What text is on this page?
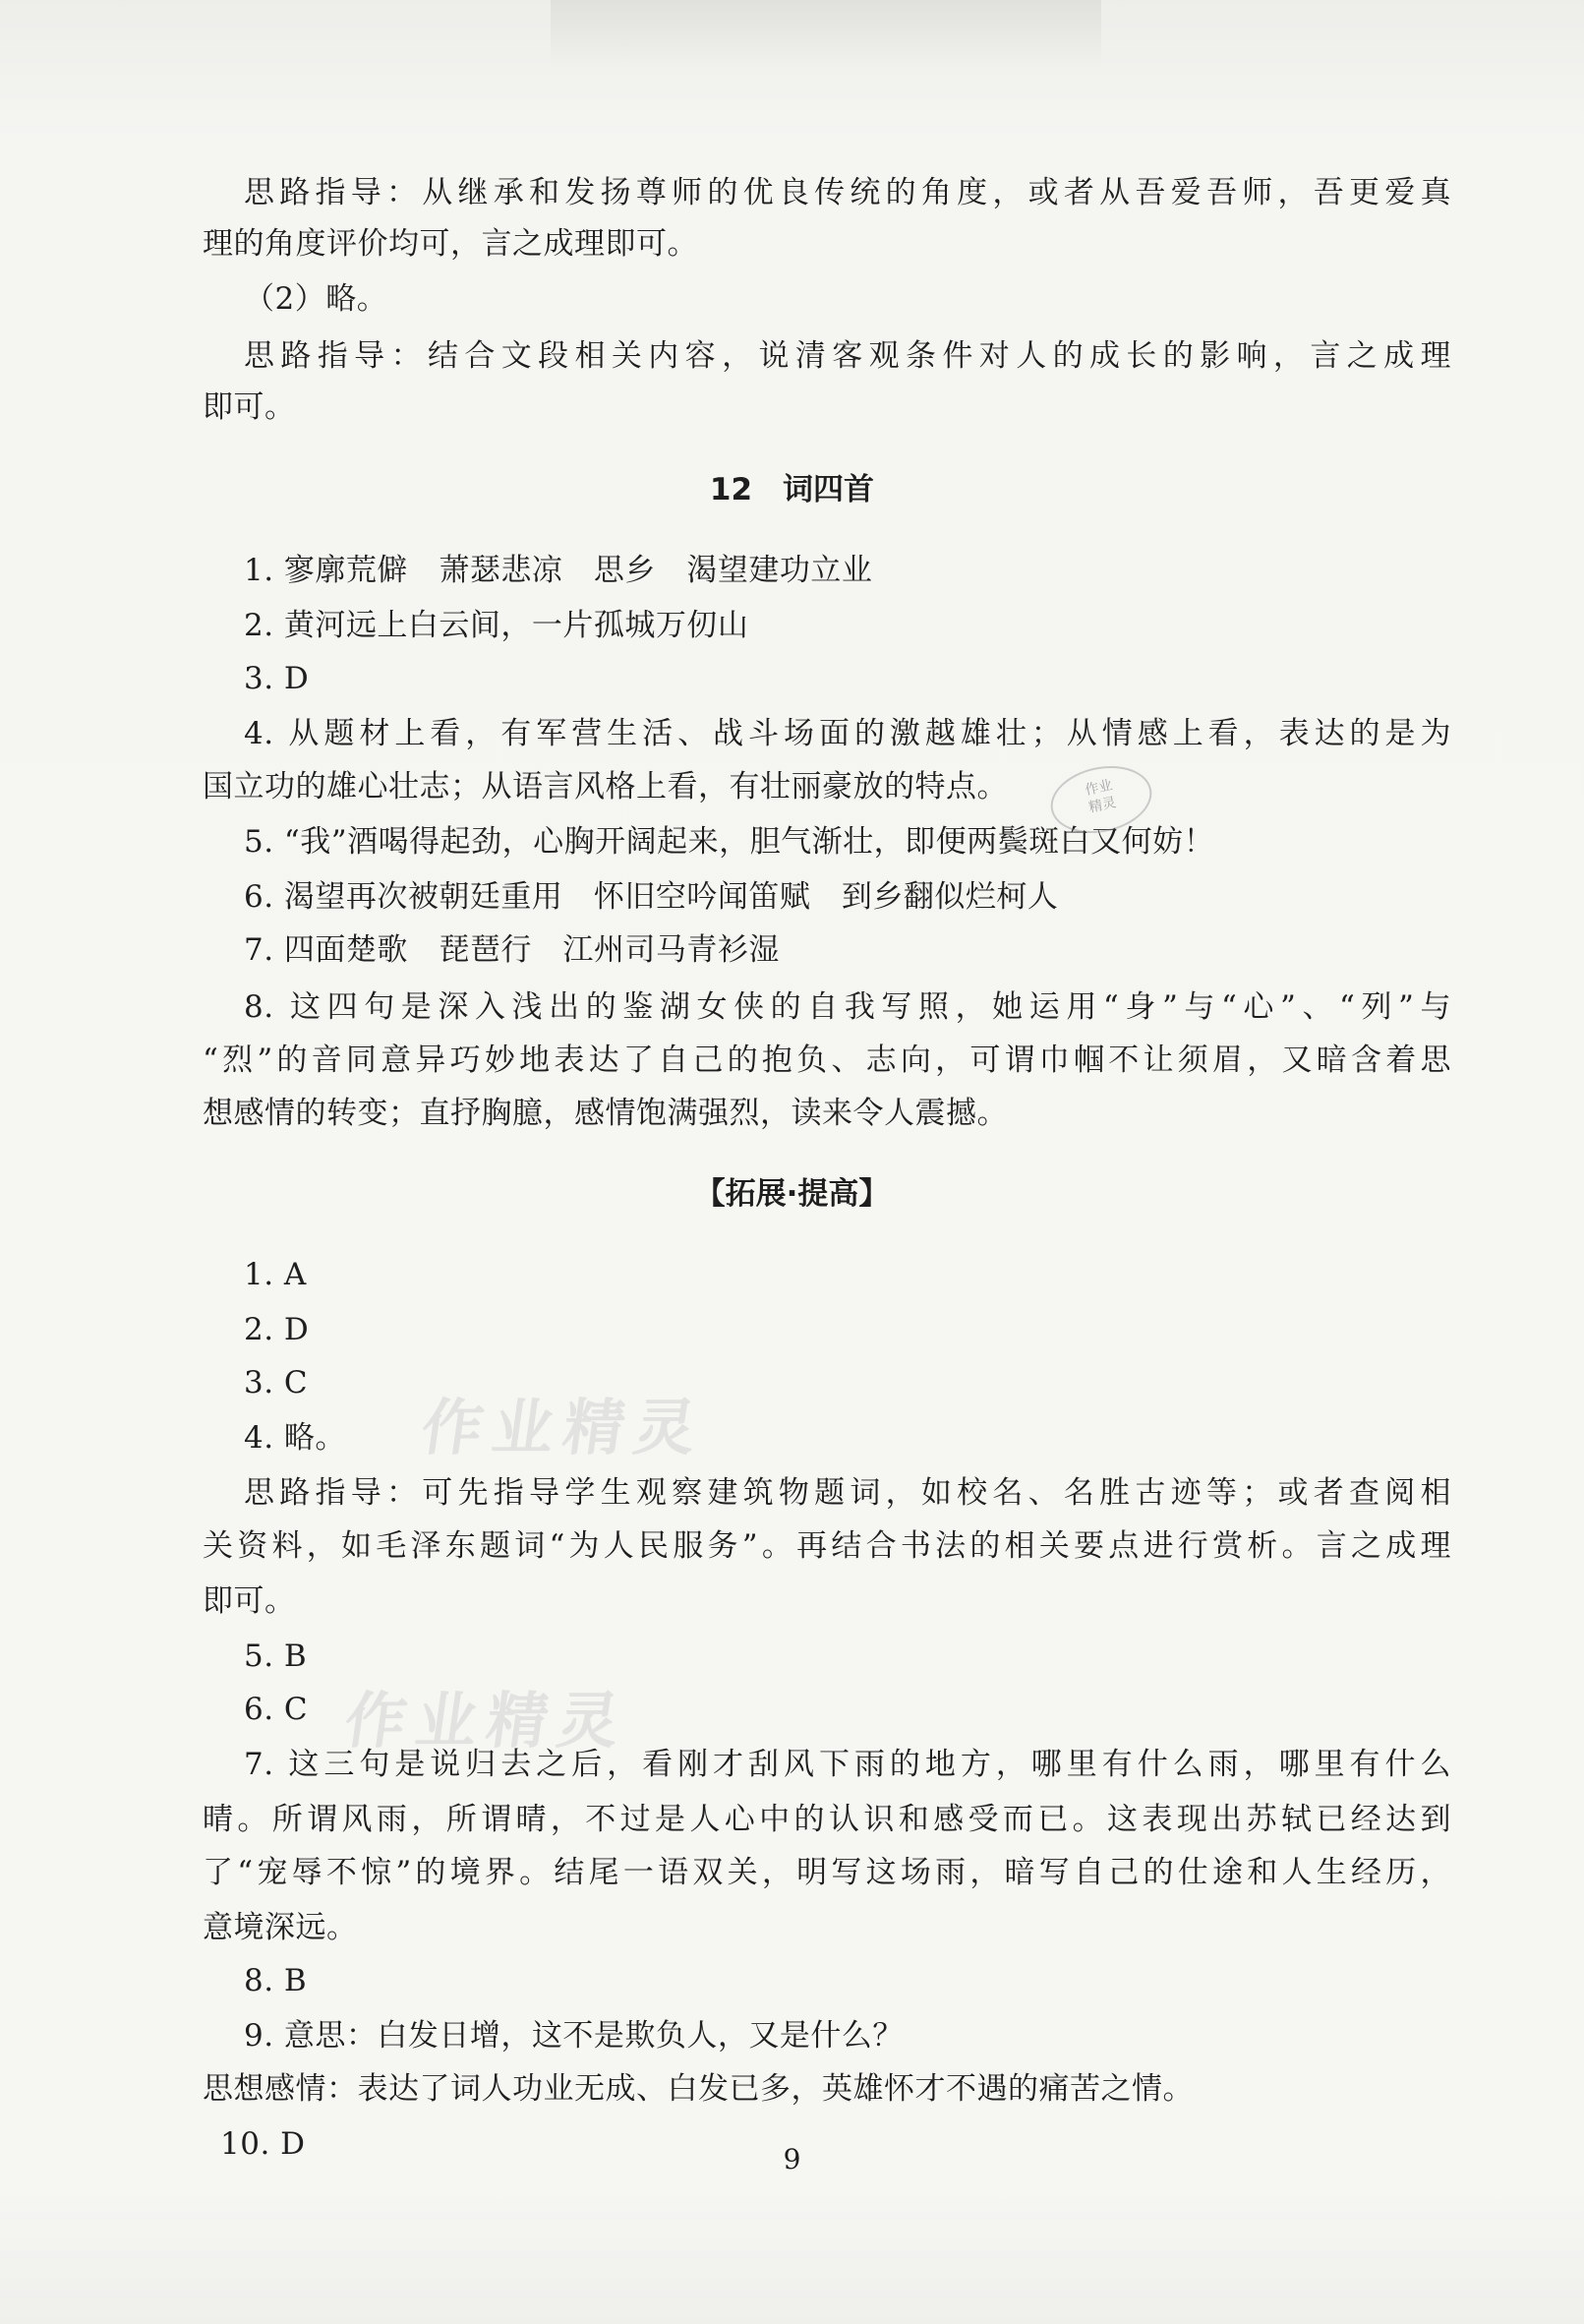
思路指导：从继承和发扬尊师的优良传统的角度，或者从吾爱吾师，吾更爱真
理的角度评价均可，言之成理即可。
（2）略。
思路指导：结合文段相关内容，说清客观条件对人的成长的影响，言之成理
即可。
12　词四首
1. 寥廓荒僻　萧瑟悲凉　思乡　渴望建功立业
2. 黄河远上白云间，一片孤城万仞山
3. D
4. 从题材上看，有军营生活、战斗场面的激越雄壮；从情感上看，表达的是为
国立功的雄心壮志；从语言风格上看，有壮丽豪放的特点。
5. “我”酒喝得起劲，心胸开阔起来，胆气渐壮，即便两鬓斑白又何妨！
6. 渴望再次被朝廷重用　怀旧空吟闻笛赋　到乡翻似烂柯人
7. 四面楚歌　琵琶行　江州司马青衫湿
8. 这四句是深入浅出的鉴湖女侠的自我写照，她运用“身”与“心”、“列”与
“烈”的音同意异巧妙地表达了自己的抱负、志向，可谓巾帼不让须眉，又暗含着思
想感情的转变；直抒胸臆，感情饱满强烈，读来令人震撼。
【拓展·提高】
1. A
2. D
3. C
4. 略。
思路指导：可先指导学生观察建筑物题词，如校名、名胜古迹等；或者查阅相
关资料，如毛泽东题词“为人民服务”。再结合书法的相关要点进行赏析。言之成理
即可。
5. B
6. C
7. 这三句是说归去之后，看刚才刮风下雨的地方，哪里有什么雨，哪里有什么
晴。所谓风雨，所谓晴，不过是人心中的认识和感受而已。这表现出苏轼已经达到
了“宠辱不惊”的境界。结尾一语双关，明写这场雨，暗写自己的仕途和人生经历，
意境深远。
8. B
9. 意思：白发日增，这不是欺负人，又是什么？
思想感情：表达了词人功业无成、白发已多，英雄怀才不遇的痛苦之情。
10. D
作业精灵
作业精灵
作业
精灵
9
